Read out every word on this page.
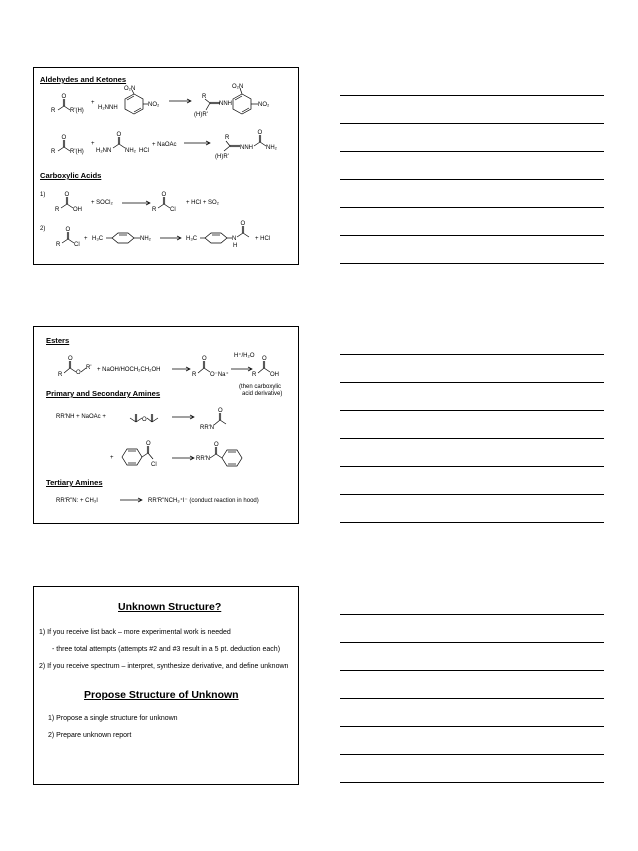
Aldehydes and Ketones
Carboxylic Acids
O
R R'(H)
+
H₂NNH
O₂N
NO₂
R
(H)R'
NNH
O₂N
NO₂
O
R R'(H)
+
H₂NN
O
NH₂ HCl
+ NaOAc
R
(H)R'
NNH
O
NH₂
1)	O
R OH
+ SOCl₂
O
R Cl
+ HCl + SO₂
2)	O
R Cl
+ H₃C	NH₂	H₃C	N
H
O
+ HCl
Esters
Primary and Secondary Amines
Tertiary Amines
O
R O
R' + NaOH/HOCH₂CH₂OH
O
R O⁻Na⁺
H⁺/H₂O O
R OH
(then carboxylic
acid derivative)
RR'NH + NaOAc +	O
RR'N
O
+
O
Cl
RR'N
O
RR'R"N: + CH₃I	RR'R"NCH₃⁺I⁻ (conduct reaction in hood)
Unknown Structure?
1) If you receive list back – more experimental work is needed
- three total attempts (attempts #2 and #3 result in a 5 pt. deduction each)
2) If you receive spectrum – interpret, synthesize derivative, and define unknown
Propose Structure of Unknown
1) Propose a single structure for unknown
2) Prepare unknown report
